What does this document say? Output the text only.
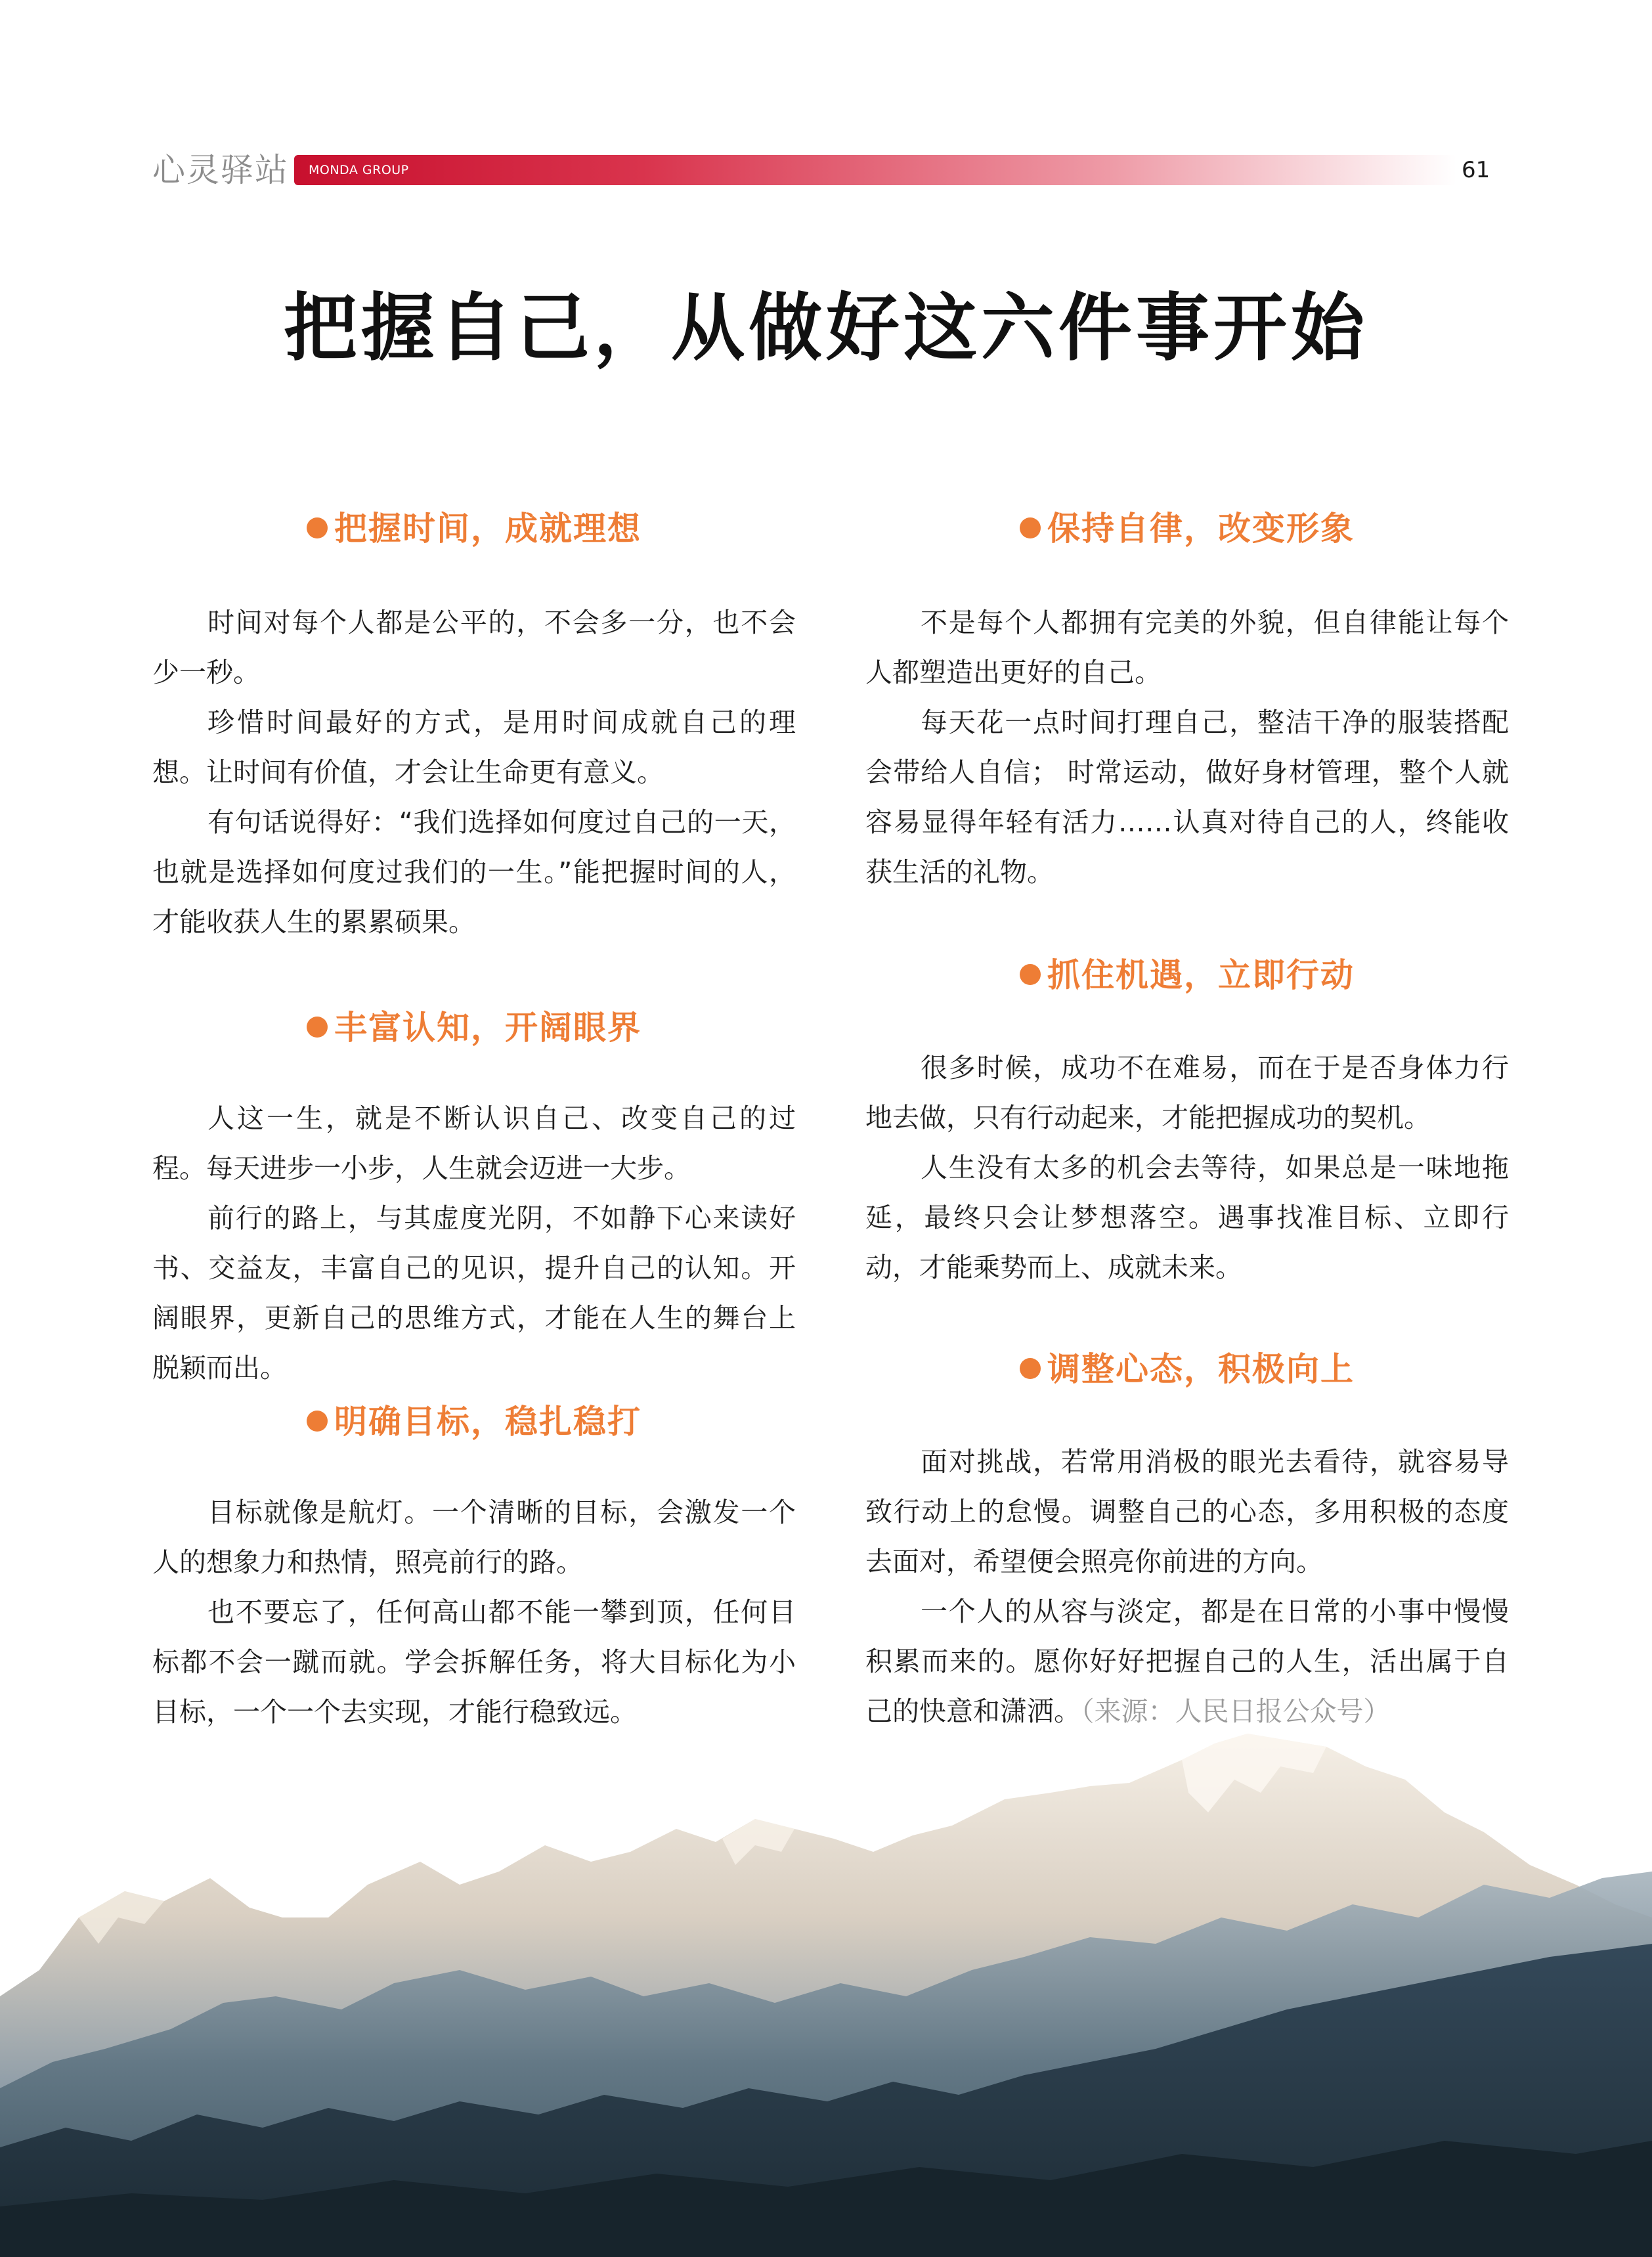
心灵驿站 MONDA GROUP	61
把握自己，从做好这六件事开始

把握时间，成就理想

时间对每个人都是公平的，不会多一分，也不会少一秒。

珍惜时间最好的方式，是用时间成就自己的理想。让时间有价值，才会让生命更有意义。

有句话说得好：“我们选择如何度过自己的一天，也就是选择如何度过我们的一生。”能把握时间的人，才能收获人生的累累硕果。

丰富认知，开阔眼界

人这一生，就是不断认识自己、改变自己的过程。每天进步一小步，人生就会迈进一大步。

前行的路上，与其虚度光阴，不如静下心来读好书、交益友，丰富自己的见识，提升自己的认知。开阔眼界，更新自己的思维方式，才能在人生的舞台上脱颖而出。

明确目标，稳扎稳打

目标就像是航灯。一个清晰的目标，会激发一个人的想象力和热情，照亮前行的路。

也不要忘了，任何高山都不能一攀到顶，任何目标都不会一蹴而就。学会拆解任务，将大目标化为小目标，一个一个去实现，才能行稳致远。

保持自律，改变形象

不是每个人都拥有完美的外貌，但自律能让每个人都塑造出更好的自己。

每天花一点时间打理自己，整洁干净的服装搭配会带给人自信； 时常运动，做好身材管理，整个人就容易显得年轻有活力……认真对待自己的人，终能收获生活的礼物。

抓住机遇，立即行动

很多时候，成功不在难易，而在于是否身体力行地去做，只有行动起来，才能把握成功的契机。

人生没有太多的机会去等待，如果总是一味地拖延，最终只会让梦想落空。遇事找准目标、立即行动，才能乘势而上、成就未来。

调整心态，积极向上

面对挑战，若常用消极的眼光去看待，就容易导致行动上的怠慢。调整自己的心态，多用积极的态度去面对，希望便会照亮你前进的方向。

一个人的从容与淡定，都是在日常的小事中慢慢积累而来的。愿你好好把握自己的人生，活出属于自己的快意和潇洒。（来源：人民日报公众号）
